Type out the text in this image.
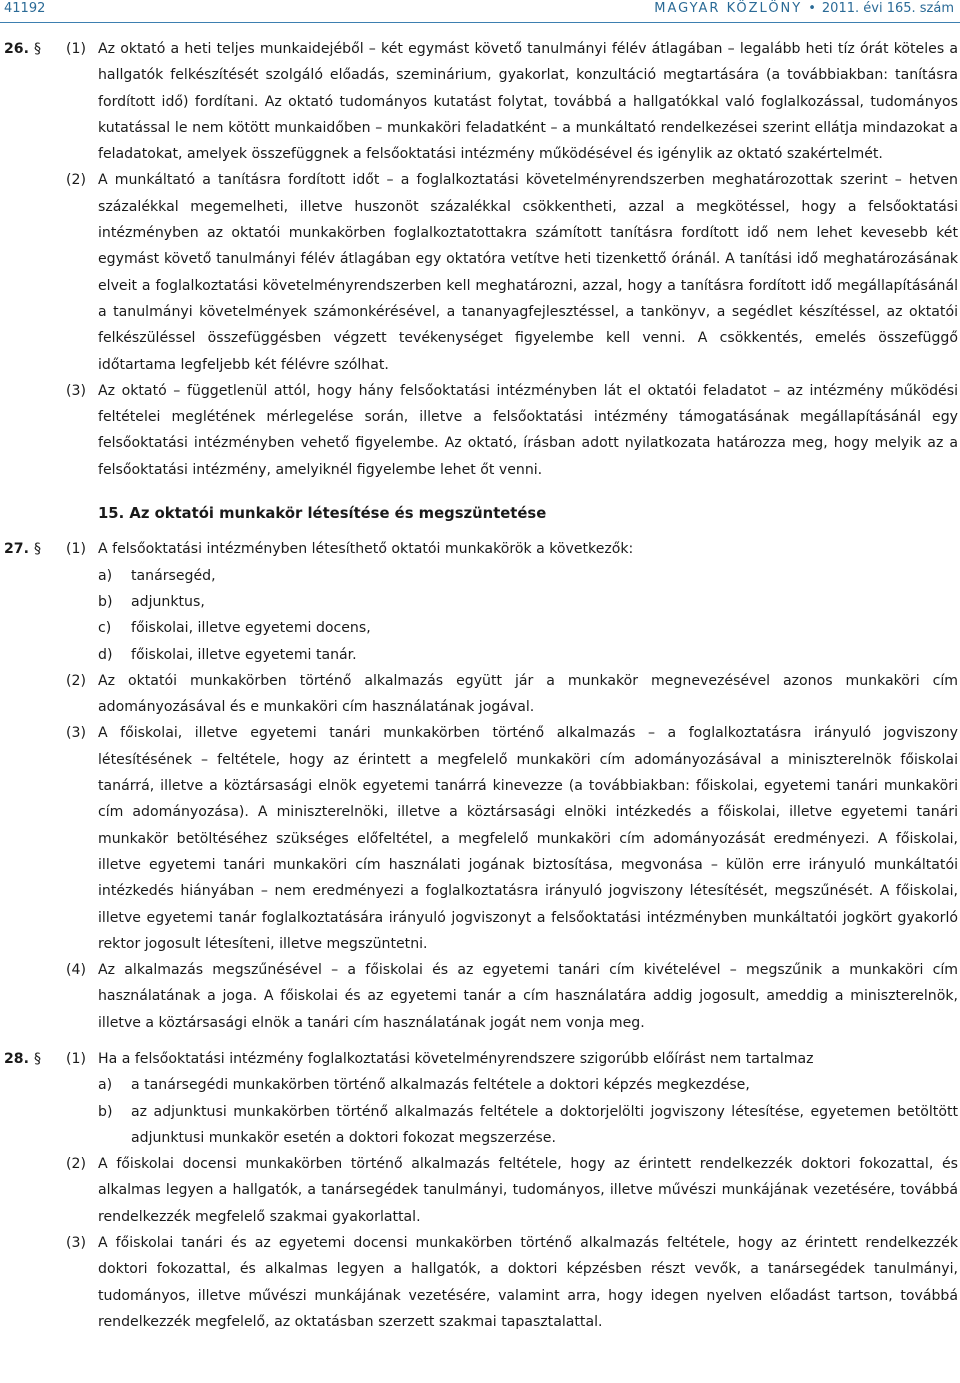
41192	MAGYAR KÖZLÖNY • 2011. évi 165. szám
26. § (1) Az oktató a heti teljes munkaidejéből – két egymást követő tanulmányi félév átlagában – legalább heti tíz órát köteles a hallgatók felkészítését szolgáló előadás, szeminárium, gyakorlat, konzultáció megtartására (a továbbiakban: tanításra fordított idő) fordítani. Az oktató tudományos kutatást folytat, továbbá a hallgatókkal való foglalkozással, tudományos kutatással le nem kötött munkaidőben – munkaköri feladatként – a munkáltató rendelkezései szerint ellátja mindazokat a feladatokat, amelyek összefüggnek a felsőoktatási intézmény működésével és igénylik az oktató szakértelmét.
(2) A munkáltató a tanításra fordított időt – a foglalkoztatási követelményrendszerben meghatározottak szerint – hetven százalékkal megemelheti, illetve huszonöt százalékkal csökkentheti, azzal a megkötéssel, hogy a felsőoktatási intézményben az oktatói munkakörben foglalkoztatottakra számított tanításra fordított idő nem lehet kevesebb két egymást követő tanulmányi félév átlagában egy oktatóra vetítve heti tizenkettő óránál. A tanítási idő meghatározásának elveit a foglalkoztatási követelményrendszerben kell meghatározni, azzal, hogy a tanításra fordított idő megállapításánál a tanulmányi követelmények számonkérésével, a tananyagfejlesztéssel, a tankönyv, a segédlet készítéssel, az oktatói felkészüléssel összefüggésben végzett tevékenységet figyelembe kell venni. A csökkentés, emelés összefüggő időtartama legfeljebb két félévre szólhat.
(3) Az oktató – függetlenül attól, hogy hány felsőoktatási intézményben lát el oktatói feladatot – az intézmény működési feltételei meglétének mérlegelése során, illetve a felsőoktatási intézmény támogatásának megállapításánál egy felsőoktatási intézményben vehető figyelembe. Az oktató, írásban adott nyilatkozata határozza meg, hogy melyik az a felsőoktatási intézmény, amelyiknél figyelembe lehet őt venni.
15. Az oktatói munkakör létesítése és megszüntetése
27. § (1) A felsőoktatási intézményben létesíthető oktatói munkakörök a következők:
a) tanársegéd,
b) adjunktus,
c) főiskolai, illetve egyetemi docens,
d) főiskolai, illetve egyetemi tanár.
(2) Az oktatói munkakörben történő alkalmazás együtt jár a munkakör megnevezésével azonos munkaköri cím adományozásával és e munkaköri cím használatának jogával.
(3) A főiskolai, illetve egyetemi tanári munkakörben történő alkalmazás – a foglalkoztatásra irányuló jogviszony létesítésének – feltétele, hogy az érintett a megfelelő munkaköri cím adományozásával a miniszterelnök főiskolai tanárrá, illetve a köztársasági elnök egyetemi tanárrá kinevezze (a továbbiakban: főiskolai, egyetemi tanári munkaköri cím adományozása). A miniszterelnöki, illetve a köztársasági elnöki intézkedés a főiskolai, illetve egyetemi tanári munkakör betöltéséhez szükséges előfeltétel, a megfelelő munkaköri cím adományozását eredményezi. A főiskolai, illetve egyetemi tanári munkaköri cím használati jogának biztosítása, megvonása – külön erre irányuló munkáltatói intézkedés hiányában – nem eredményezi a foglalkoztatásra irányuló jogviszony létesítését, megszűnését. A főiskolai, illetve egyetemi tanár foglalkoztatására irányuló jogviszonyt a felsőoktatási intézményben munkáltatói jogkört gyakorló rektor jogosult létesíteni, illetve megszüntetni.
(4) Az alkalmazás megszűnésével – a főiskolai és az egyetemi tanári cím kivételével – megszűnik a munkaköri cím használatának a joga. A főiskolai és az egyetemi tanár a cím használatára addig jogosult, ameddig a miniszterelnök, illetve a köztársasági elnök a tanári cím használatának jogát nem vonja meg.
28. § (1) Ha a felsőoktatási intézmény foglalkoztatási követelményrendszere szigorúbb előírást nem tartalmaz
a) a tanársegédi munkakörben történő alkalmazás feltétele a doktori képzés megkezdése,
b) az adjunktusi munkakörben történő alkalmazás feltétele a doktorjelölti jogviszony létesítése, egyetemen betöltött adjunktusi munkakör esetén a doktori fokozat megszerzése.
(2) A főiskolai docensi munkakörben történő alkalmazás feltétele, hogy az érintett rendelkezzék doktori fokozattal, és alkalmas legyen a hallgatók, a tanársegédek tanulmányi, tudományos, illetve művészi munkájának vezetésére, továbbá rendelkezzék megfelelő szakmai gyakorlattal.
(3) A főiskolai tanári és az egyetemi docensi munkakörben történő alkalmazás feltétele, hogy az érintett rendelkezzék doktori fokozattal, és alkalmas legyen a hallgatók, a doktori képzésben részt vevők, a tanársegédek tanulmányi, tudományos, illetve művészi munkájának vezetésére, valamint arra, hogy idegen nyelven előadást tartson, továbbá rendelkezzék megfelelő, az oktatásban szerzett szakmai tapasztalattal.
